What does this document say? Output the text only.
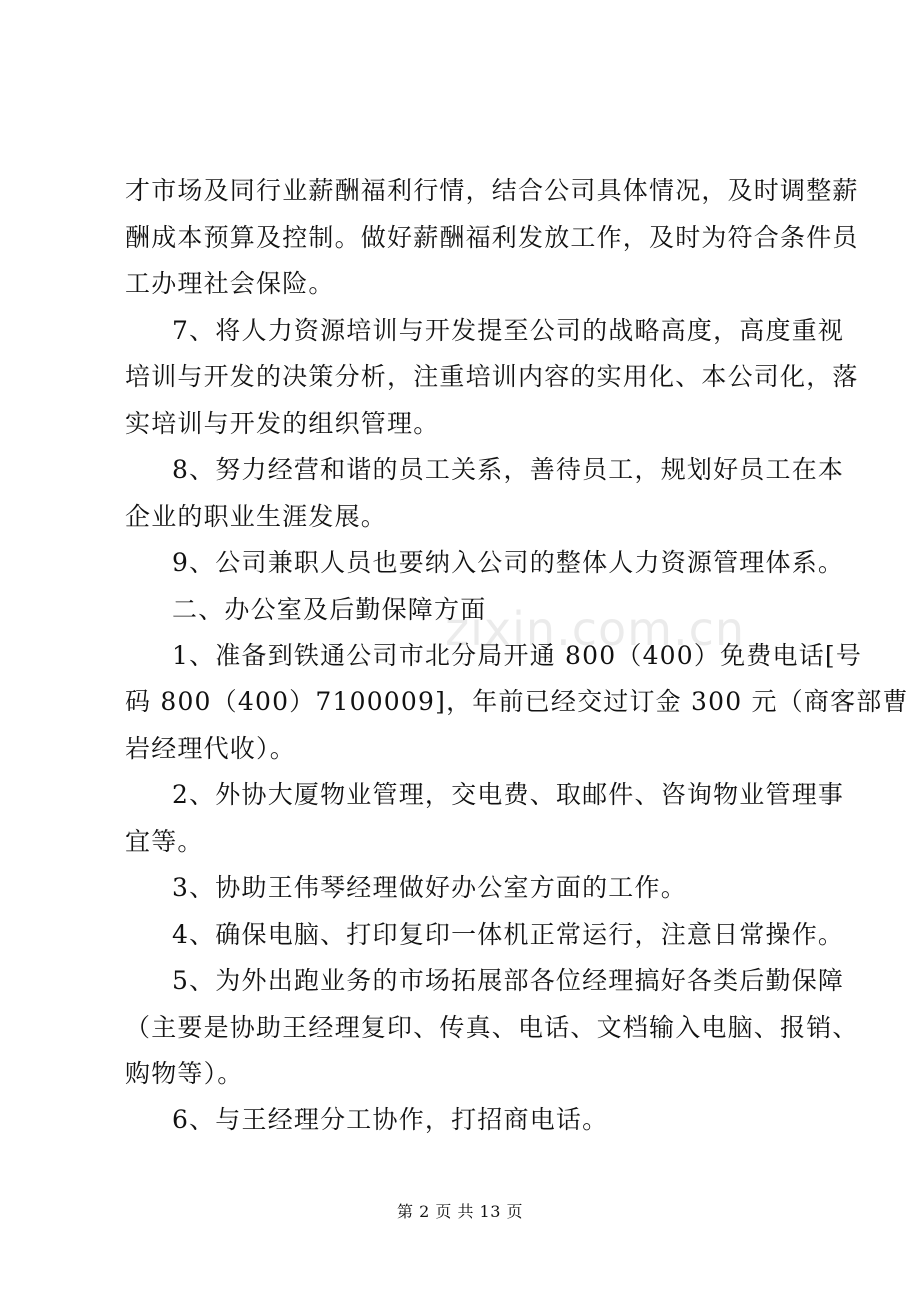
才市场及同行业薪酬福利行情，结合公司具体情况，及时调整薪
酬成本预算及控制。做好薪酬福利发放工作，及时为符合条件员
工办理社会保险。
7、将人力资源培训与开发提至公司的战略高度，高度重视
培训与开发的决策分析，注重培训内容的实用化、本公司化，落
实培训与开发的组织管理。
8、努力经营和谐的员工关系，善待员工，规划好员工在本
企业的职业生涯发展。
9、公司兼职人员也要纳入公司的整体人力资源管理体系。
二、办公室及后勤保障方面
1、准备到铁通公司市北分局开通 800（400）免费电话[号
码 800（400）7100009]，年前已经交过订金 300 元（商客部曹
岩经理代收）。
2、外协大厦物业管理，交电费、取邮件、咨询物业管理事
宜等。
3、协助王伟琴经理做好办公室方面的工作。
4、确保电脑、打印复印一体机正常运行，注意日常操作。
5、为外出跑业务的市场拓展部各位经理搞好各类后勤保障
（主要是协助王经理复印、传真、电话、文档输入电脑、报销、
购物等）。
6、与王经理分工协作，打招商电话。
zixin.com.cn
第 2 页 共 13 页
